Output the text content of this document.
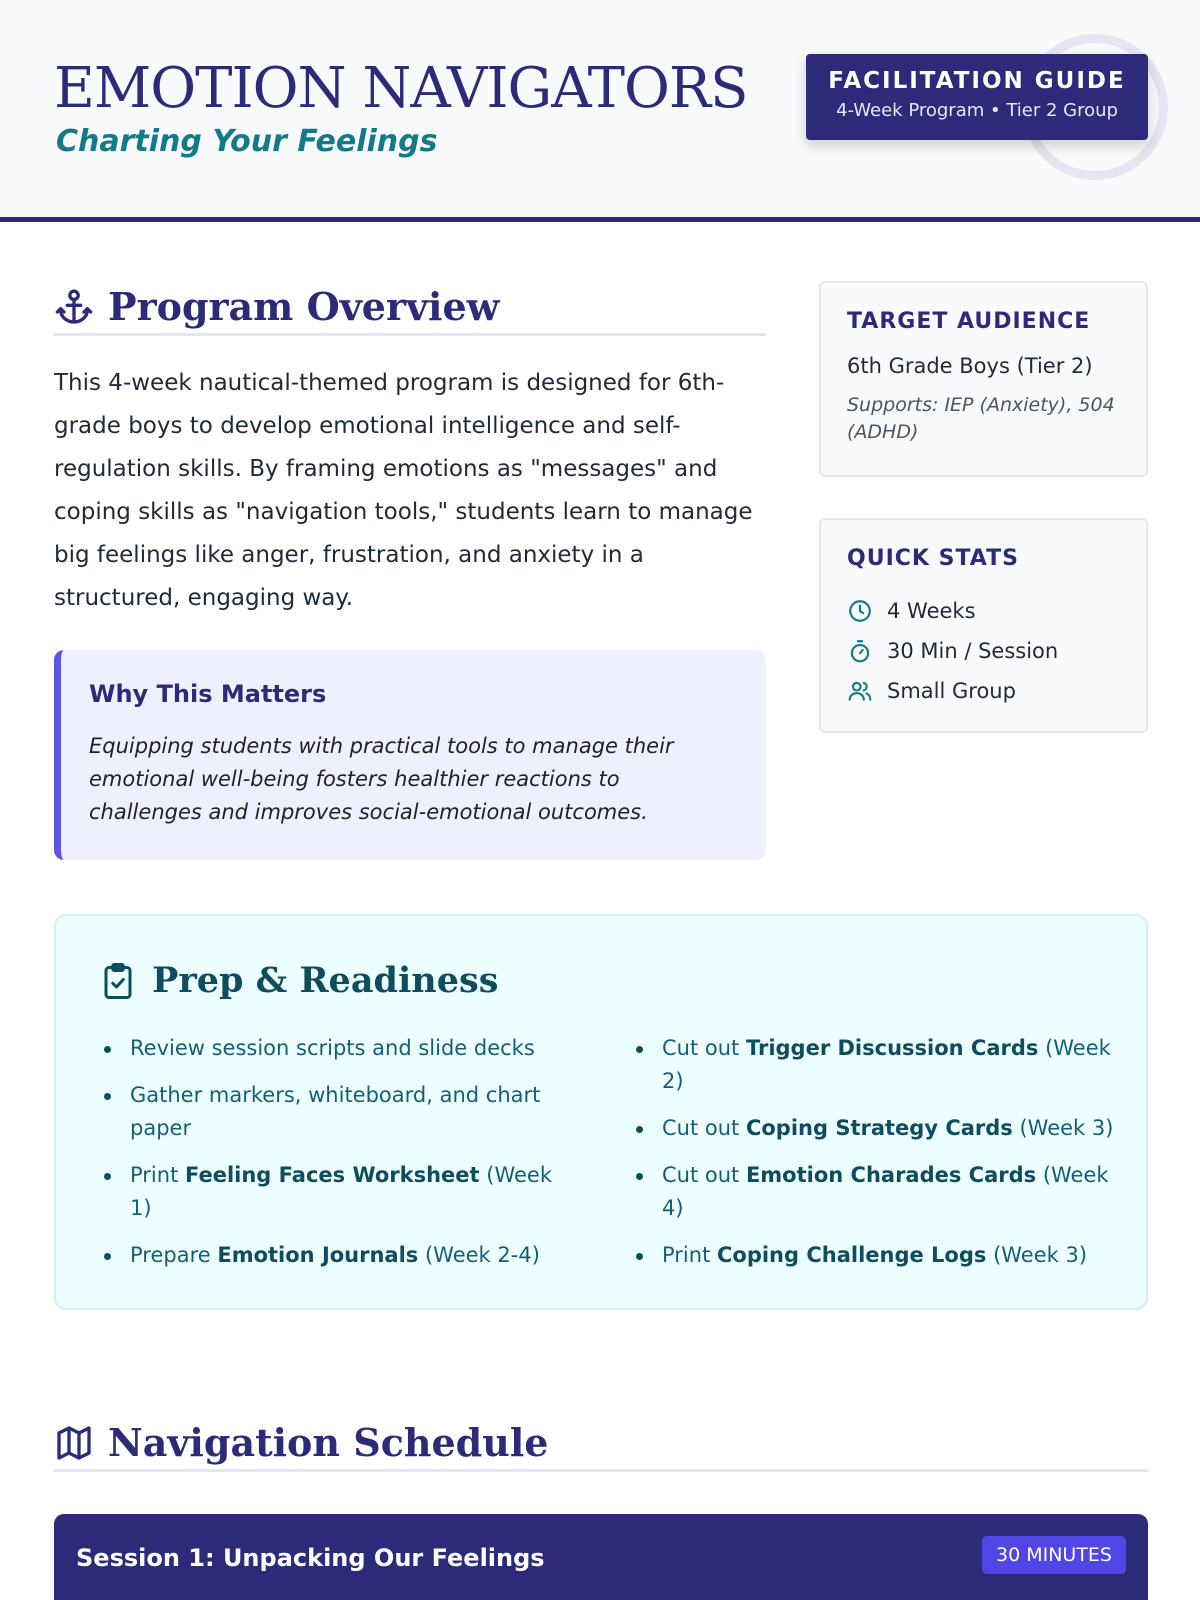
EMOTION NAVIGATORS
Charting Your Feelings
FACILITATION GUIDE
4-Week Program • Tier 2 Group
Program Overview

This 4-week nautical-themed program is designed for 6th-grade boys to develop emotional intelligence and self-regulation skills. By framing emotions as "messages" and coping skills as "navigation tools," students learn to manage big feelings like anger, frustration, and anxiety in a structured, engaging way.

Why This Matters

Equipping students with practical tools to manage their emotional well-being fosters healthier reactions to challenges and improves social-emotional outcomes.

TARGET AUDIENCE
6th Grade Boys (Tier 2)
Supports: IEP (Anxiety), 504 (ADHD)
QUICK STATS
4 Weeks
30 Min / Session
Small Group
Prep & Readiness
Review session scripts and slide decks
Gather markers, whiteboard, and chart paper
Print Feeling Faces Worksheet (Week 1)
Prepare Emotion Journals (Week 2-4)
Cut out Trigger Discussion Cards (Week 2)
Cut out Coping Strategy Cards (Week 3)
Cut out Emotion Charades Cards (Week 4)
Print Coping Challenge Logs (Week 3)
Navigation Schedule
Session 1: Unpacking Our Feelings	30 MINUTES
